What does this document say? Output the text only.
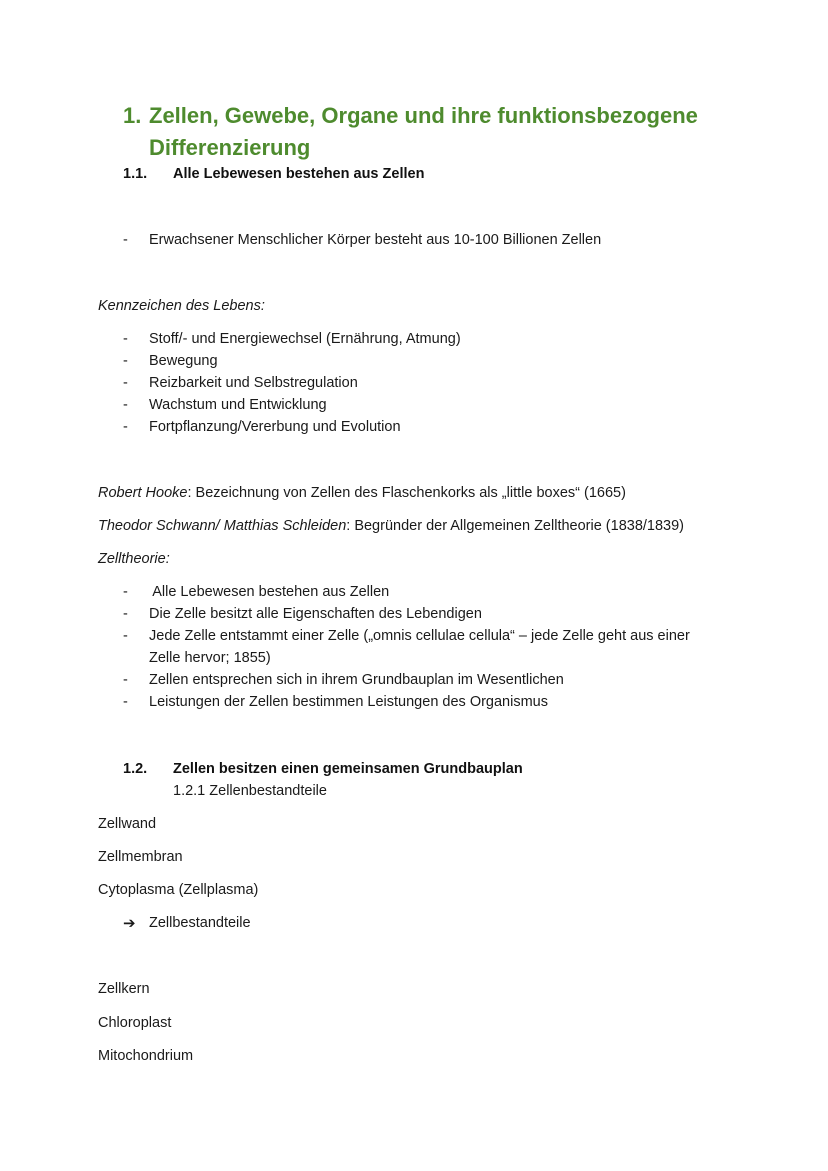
1. Zellen, Gewebe, Organe und ihre funktionsbezogene
Differenzierung
1.1. Alle Lebewesen bestehen aus Zellen
- Erwachsener Menschlicher Körper besteht aus 10-100 Billionen Zellen
Kennzeichen des Lebens:
- Stoff/- und Energiewechsel (Ernährung, Atmung)
- Bewegung
- Reizbarkeit und Selbstregulation
- Wachstum und Entwicklung
- Fortpflanzung/Vererbung und Evolution
Robert Hooke: Bezeichnung von Zellen des Flaschenkorks als „little boxes“ (1665)
Theodor Schwann/ Matthias Schleiden: Begründer der Allgemeinen Zelltheorie (1838/1839)
Zelltheorie:
- Alle Lebewesen bestehen aus Zellen
- Die Zelle besitzt alle Eigenschaften des Lebendigen
- Jede Zelle entstammt einer Zelle („omnis cellulae cellula“ – jede Zelle geht aus einer
Zelle hervor; 1855)
- Zellen entsprechen sich in ihrem Grundbauplan im Wesentlichen
- Leistungen der Zellen bestimmen Leistungen des Organismus
1.2. Zellen besitzen einen gemeinsamen Grundbauplan
1.2.1 Zellenbestandteile
Zellwand
Zellmembran
Cytoplasma (Zellplasma)
➔ Zellbestandteile
Zellkern
Chloroplast
Mitochondrium
